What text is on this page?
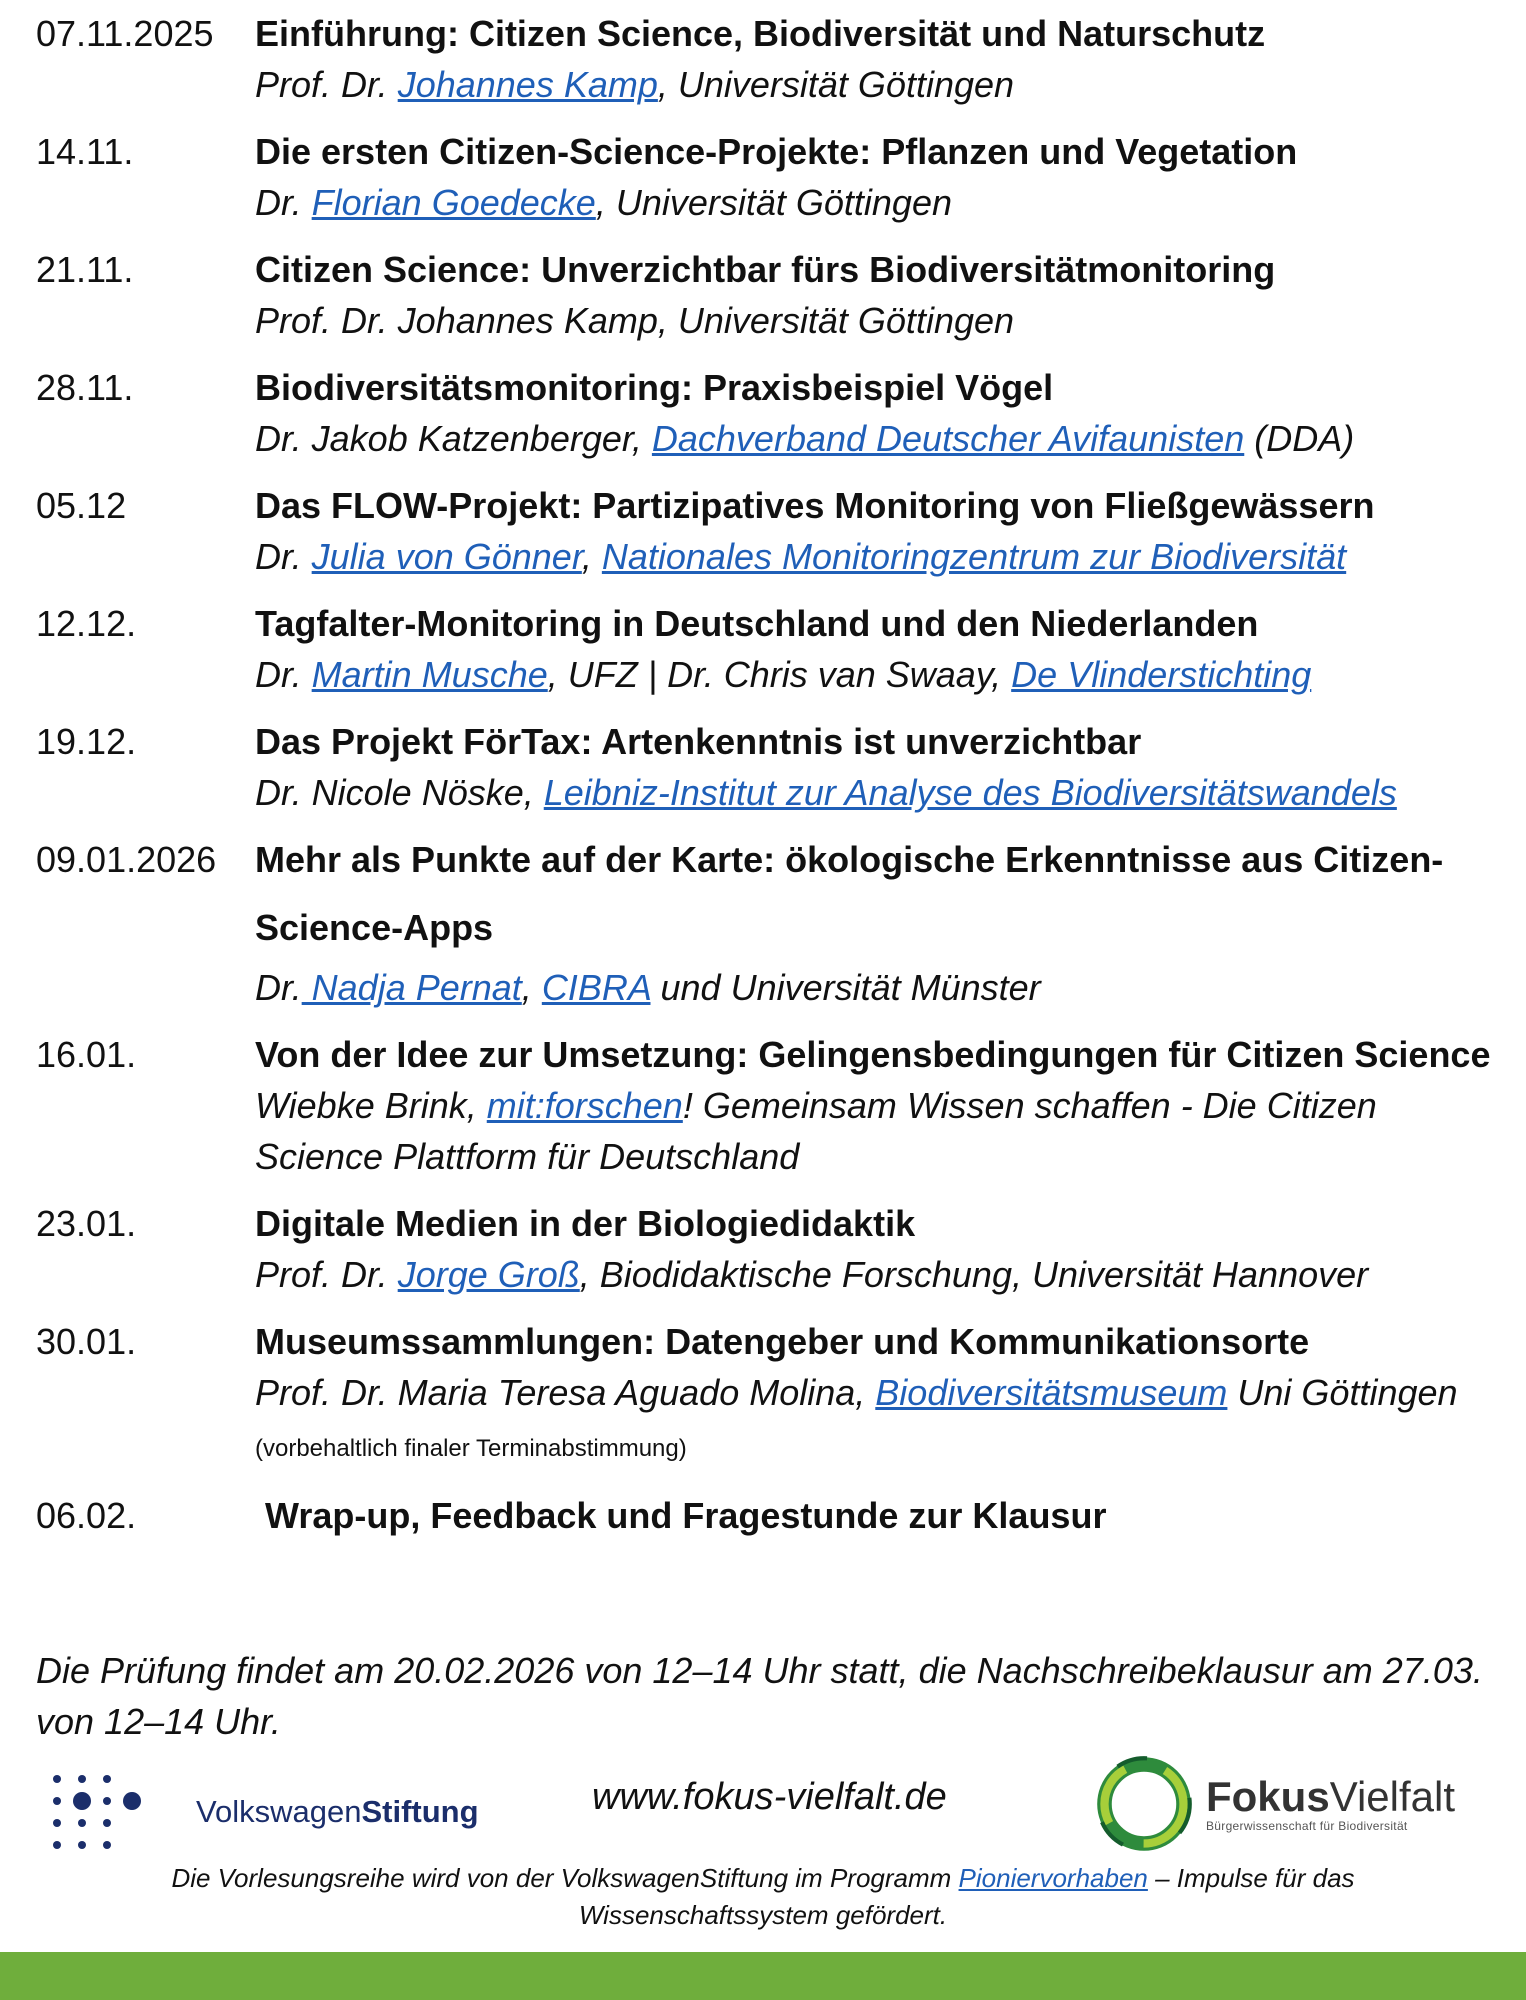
07.11.2025	Einführung: Citizen Science, Biodiversität und Naturschutz
Prof. Dr. Johannes Kamp, Universität Göttingen
14.11.	Die ersten Citizen-Science-Projekte: Pflanzen und Vegetation
Dr. Florian Goedecke, Universität Göttingen
21.11.	Citizen Science: Unverzichtbar fürs Biodiversitätmonitoring
Prof. Dr. Johannes Kamp, Universität Göttingen
28.11.	Biodiversitätsmonitoring: Praxisbeispiel Vögel
Dr. Jakob Katzenberger, Dachverband Deutscher Avifaunisten (DDA)
05.12	Das FLOW-Projekt: Partizipatives Monitoring von Fließgewässern
Dr. Julia von Gönner, Nationales Monitoringzentrum zur Biodiversität
12.12.	Tagfalter-Monitoring in Deutschland und den Niederlanden
Dr. Martin Musche, UFZ | Dr. Chris van Swaay, De Vlinderstichting
19.12.	Das Projekt FörTax: Artenkenntnis ist unverzichtbar
Dr. Nicole Nöske, Leibniz-Institut zur Analyse des Biodiversitätswandels
09.01.2026	Mehr als Punkte auf der Karte: ökologische Erkenntnisse aus Citizen-Science-Apps
Dr. Nadja Pernat, CIBRA und Universität Münster
16.01.	Von der Idee zur Umsetzung: Gelingensbedingungen für Citizen Science
Wiebke Brink, mit:forschen! Gemeinsam Wissen schaffen - Die Citizen Science Plattform für Deutschland
23.01.	Digitale Medien in der Biologiedidaktik
Prof. Dr. Jorge Groß, Biodidaktische Forschung, Universität Hannover
30.01.	Museumssammlungen: Datengeber und Kommunikationsorte
Prof. Dr. Maria Teresa Aguado Molina, Biodiversitätsmuseum Uni Göttingen (vorbehaltlich finaler Terminabstimmung)
06.02.	Wrap-up, Feedback und Fragestunde zur Klausur
Die Prüfung findet am 20.02.2026 von 12–14 Uhr statt, die Nachschreibeklausur am 27.03. von 12–14 Uhr.
VolkswagenStiftung	www.fokus-vielfalt.de	FokusVielfalt
Bürgerwissenschaft für Biodiversität
Die Vorlesungsreihe wird von der VolkswagenStiftung im Programm Pioniervorhaben – Impulse für das Wissenschaftssystem gefördert.
